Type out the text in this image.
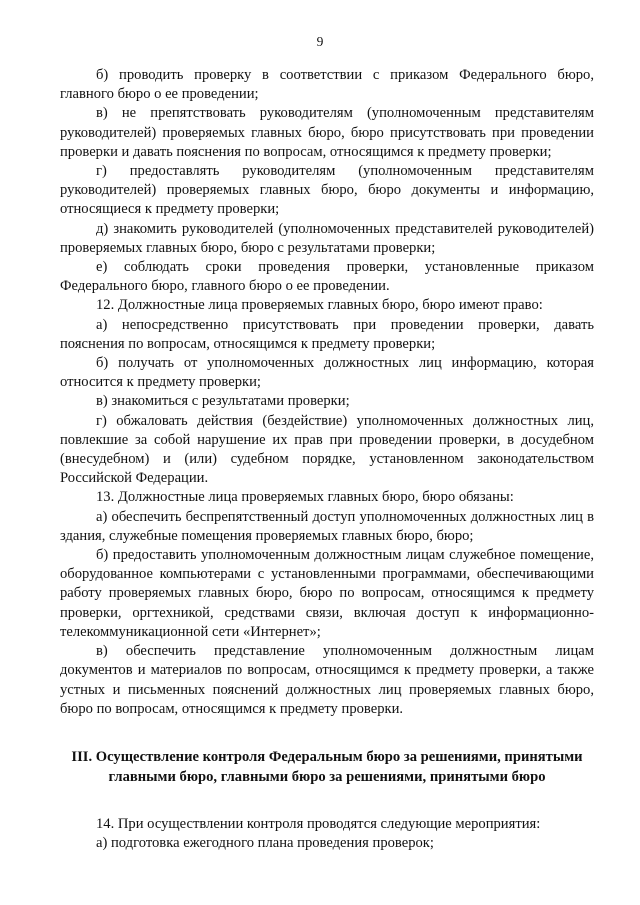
9

б) проводить проверку в соответствии с приказом Федерального бюро, главного бюро о ее проведении;

в) не препятствовать руководителям (уполномоченным представителям руководителей) проверяемых главных бюро, бюро присутствовать при проведении проверки и давать пояснения по вопросам, относящимся к предмету проверки;

г) предоставлять руководителям (уполномоченным представителям руководителей) проверяемых главных бюро, бюро документы и информацию, относящиеся к предмету проверки;

д) знакомить руководителей (уполномоченных представителей руководителей) проверяемых главных бюро, бюро с результатами проверки;

е) соблюдать сроки проведения проверки, установленные приказом Федерального бюро, главного бюро о ее проведении.

12. Должностные лица проверяемых главных бюро, бюро имеют право:

а) непосредственно присутствовать при проведении проверки, давать пояснения по вопросам, относящимся к предмету проверки;

б) получать от уполномоченных должностных лиц информацию, которая относится к предмету проверки;

в) знакомиться с результатами проверки;

г) обжаловать действия (бездействие) уполномоченных должностных лиц, повлекшие за собой нарушение их прав при проведении проверки, в досудебном (внесудебном) и (или) судебном порядке, установленном законодательством Российской Федерации.

13. Должностные лица проверяемых главных бюро, бюро обязаны:

а) обеспечить беспрепятственный доступ уполномоченных должностных лиц в здания, служебные помещения проверяемых главных бюро, бюро;

б) предоставить уполномоченным должностным лицам служебное помещение, оборудованное компьютерами с установленными программами, обеспечивающими работу проверяемых главных бюро, бюро по вопросам, относящимся к предмету проверки, оргтехникой, средствами связи, включая доступ к информационно-телекоммуникационной сети «Интернет»;

в) обеспечить представление уполномоченным должностным лицам документов и материалов по вопросам, относящимся к предмету проверки, а также устных и письменных пояснений должностных лиц проверяемых главных бюро, бюро по вопросам, относящимся к предмету проверки.

III. Осуществление контроля Федеральным бюро за решениями, принятыми главными бюро, главными бюро за решениями, принятыми бюро

14. При осуществлении контроля проводятся следующие мероприятия:

а) подготовка ежегодного плана проведения проверок;
